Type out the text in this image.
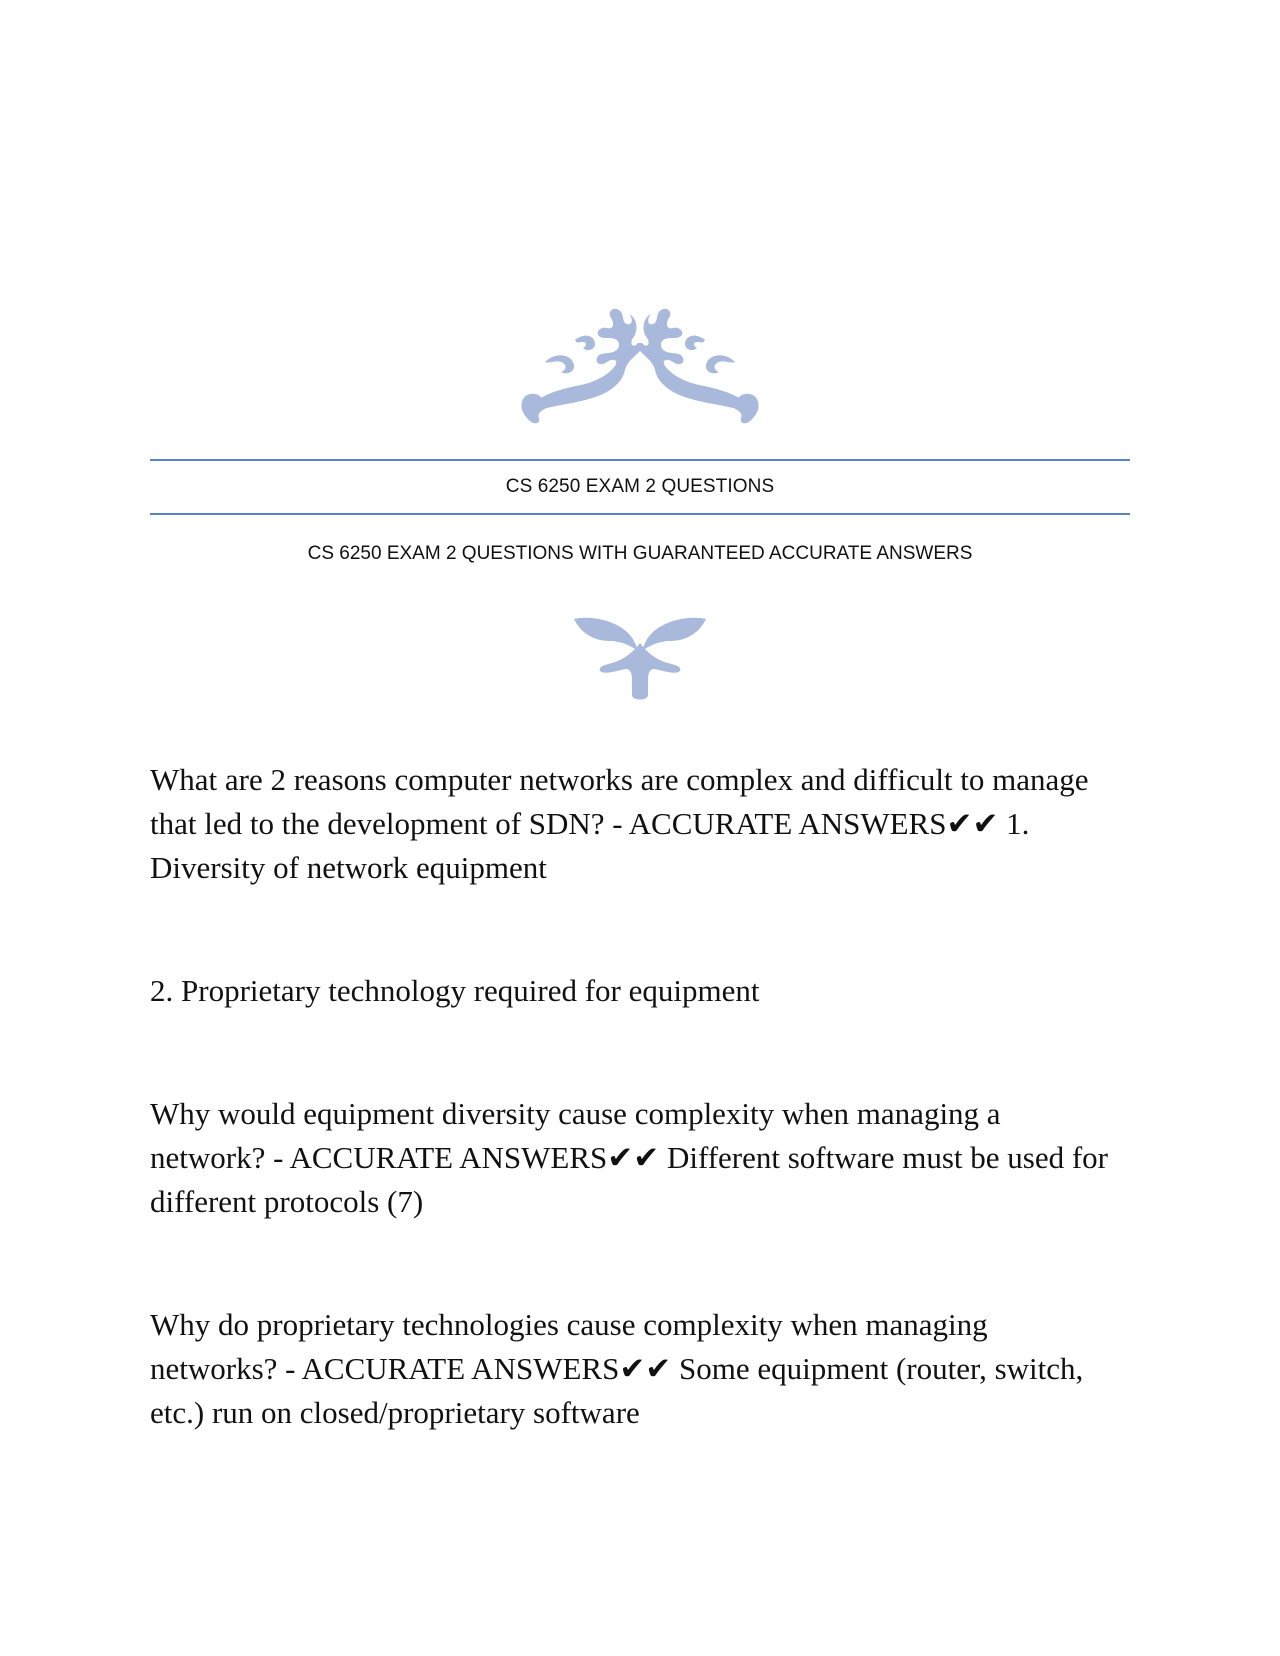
CS 6250 EXAM 2 QUESTIONS
CS 6250 EXAM 2 QUESTIONS WITH GUARANTEED ACCURATE ANSWERS

What are 2 reasons computer networks are complex and difficult to manage that led to the development of SDN? - ACCURATE ANSWERS✔✔ 1. Diversity of network equipment

2. Proprietary technology required for equipment

Why would equipment diversity cause complexity when managing a network? - ACCURATE ANSWERS✔✔ Different software must be used for different protocols (7)

Why do proprietary technologies cause complexity when managing networks? - ACCURATE ANSWERS✔✔ Some equipment (router, switch, etc.) run on closed/proprietary software
